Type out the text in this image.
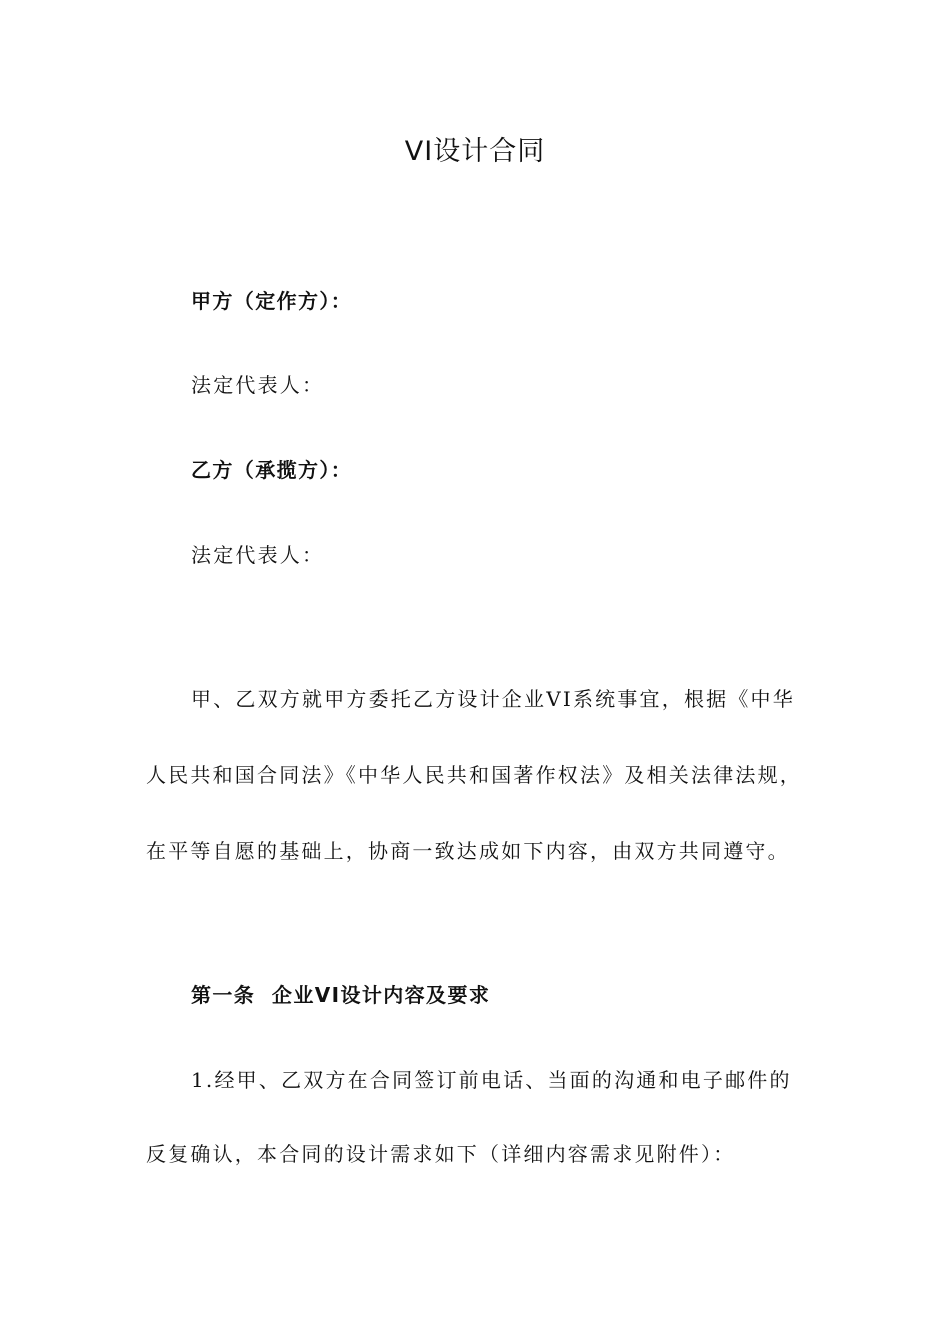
VI设计合同
甲方（定作方）：
法定代表人：
乙方（承揽方）：
法定代表人：
甲、乙双方就甲方委托乙方设计企业VI系统事宜，根据《中华
人民共和国合同法》《中华人民共和国著作权法》及相关法律法规，
在平等自愿的基础上，协商一致达成如下内容，由双方共同遵守。
第一条  企业VI设计内容及要求
1.经甲、乙双方在合同签订前电话、当面的沟通和电子邮件的
反复确认，本合同的设计需求如下（详细内容需求见附件）：
